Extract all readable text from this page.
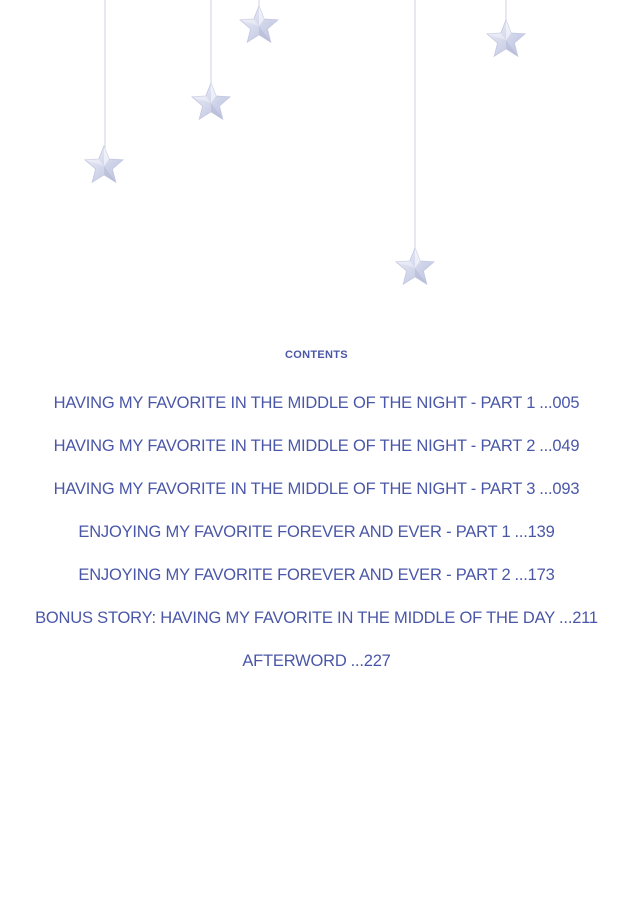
CONTENTS
HAVING MY FAVORITE IN THE MIDDLE OF THE NIGHT - PART 1 ...005
HAVING MY FAVORITE IN THE MIDDLE OF THE NIGHT - PART 2 ...049
HAVING MY FAVORITE IN THE MIDDLE OF THE NIGHT - PART 3 ...093
ENJOYING MY FAVORITE FOREVER AND EVER - PART 1 ...139
ENJOYING MY FAVORITE FOREVER AND EVER - PART 2 ...173
BONUS STORY: HAVING MY FAVORITE IN THE MIDDLE OF THE DAY ...211
AFTERWORD ...227
